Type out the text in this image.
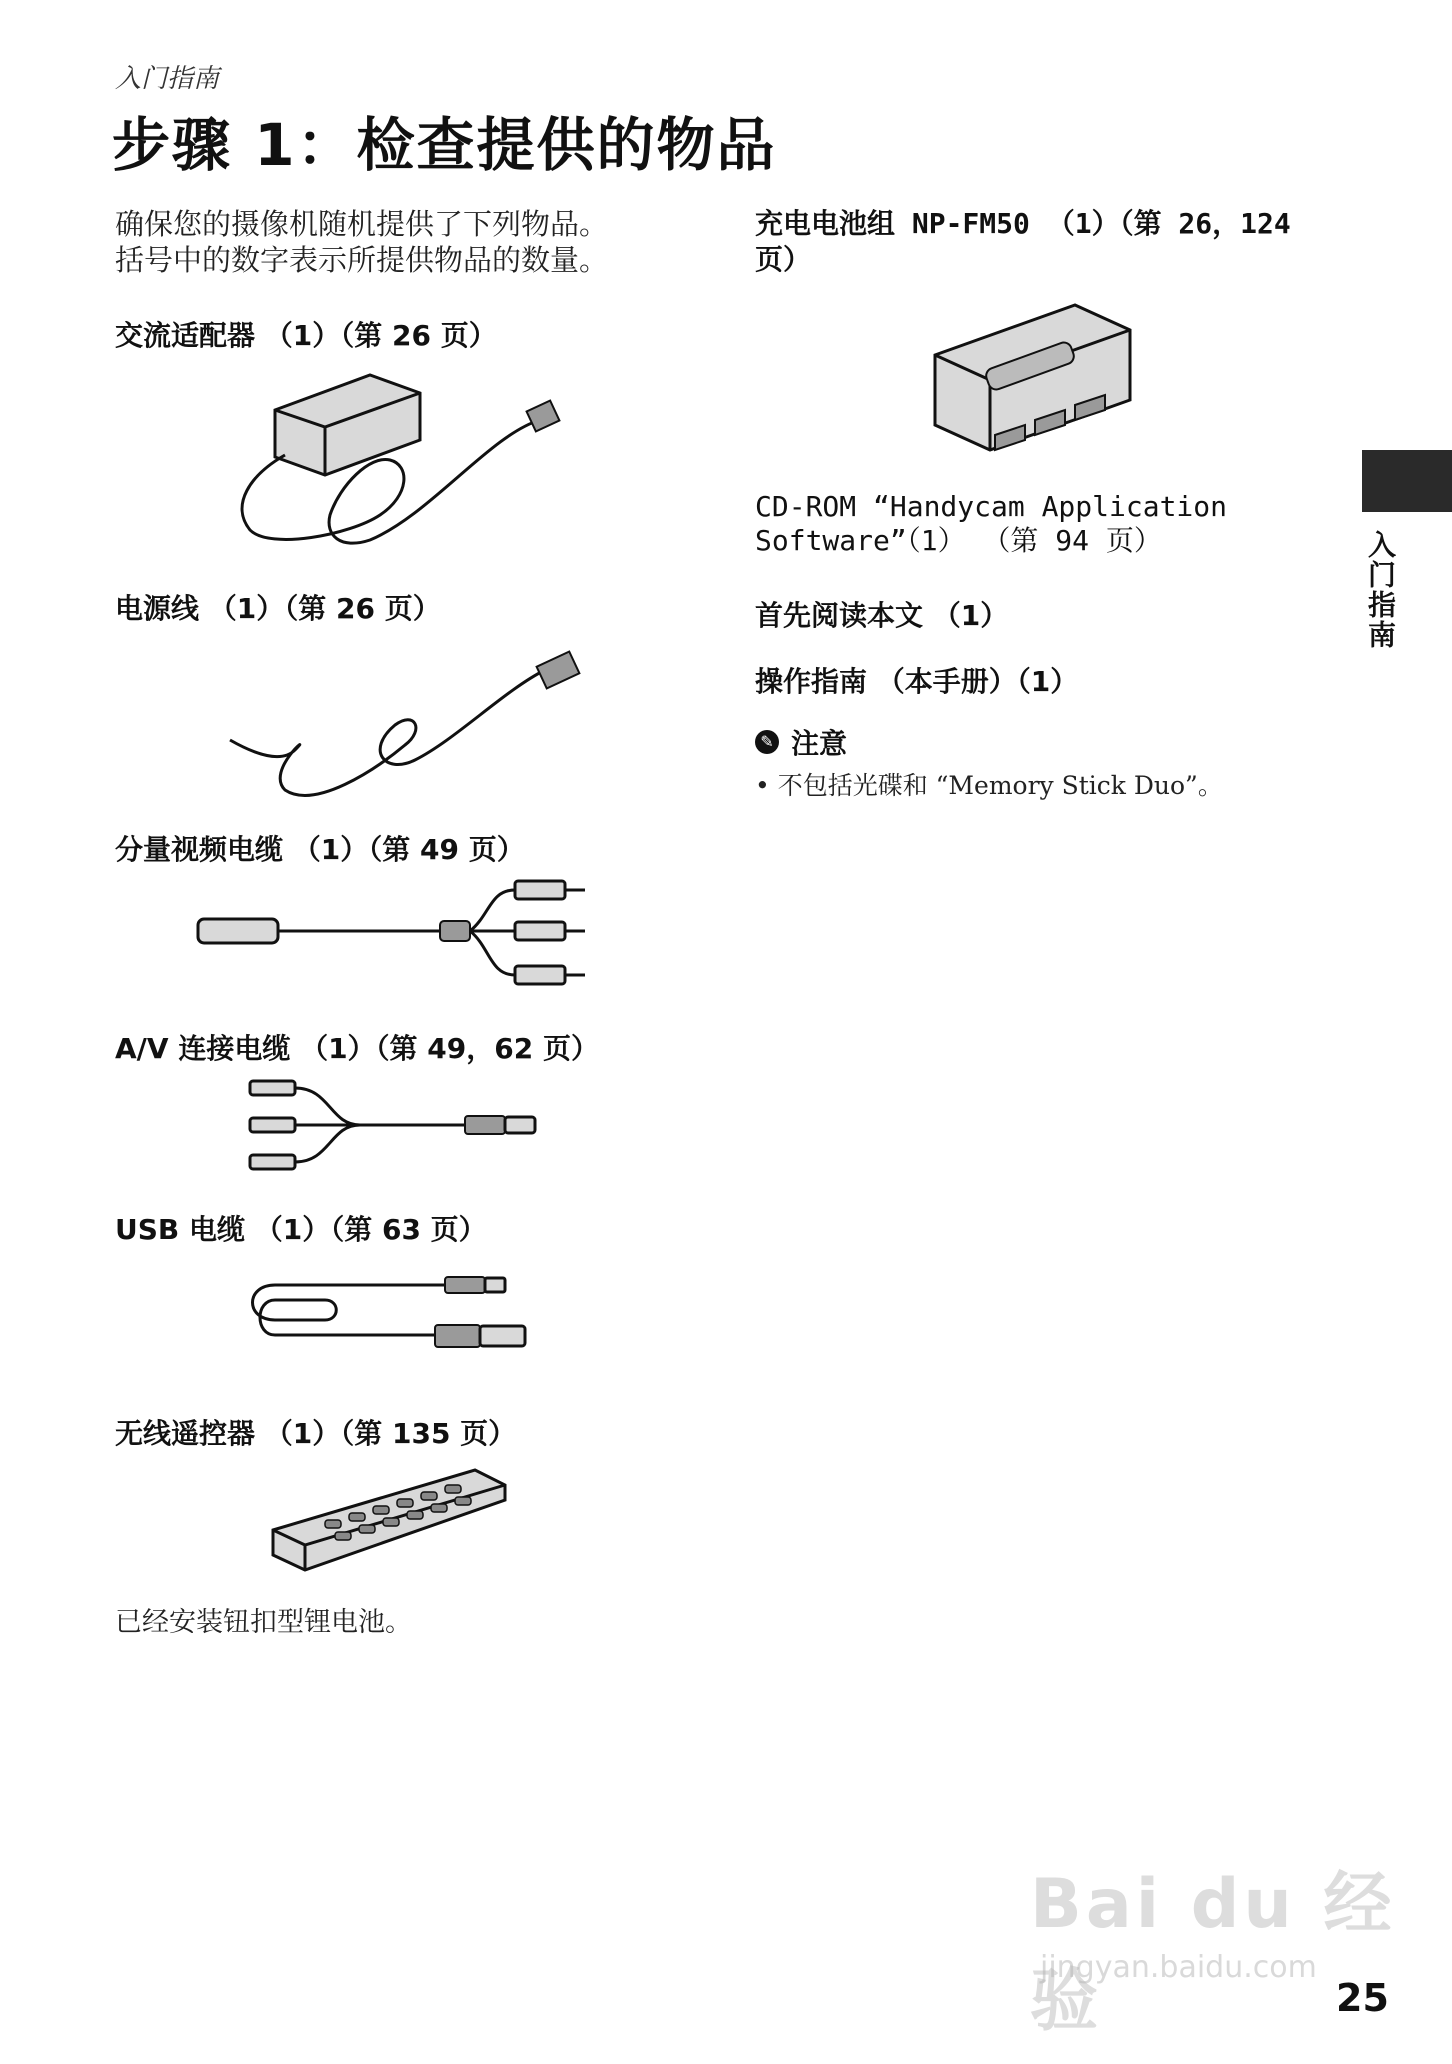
入门指南
步骤 1：检查提供的物品
确保您的摄像机随机提供了下列物品。
括号中的数字表示所提供物品的数量。
交流适配器 （1）（第 26 页）
电源线 （1）（第 26 页）
分量视频电缆 （1）（第 49 页）
A/V 连接电缆 （1）（第 49，62 页）
USB 电缆 （1）（第 63 页）
无线遥控器 （1）（第 135 页）
已经安装钮扣型锂电池。
充电电池组 NP-FM50 （1）（第 26，124
页）
CD-ROM “Handycam Application
Software”（1） （第 94 页）
首先阅读本文 （1）
操作指南 （本手册）（1）
✎ 注意
• 不包括光碟和 “Memory Stick Duo”。
入门指南
Bai du 经验
jingyan.baidu.com
25
